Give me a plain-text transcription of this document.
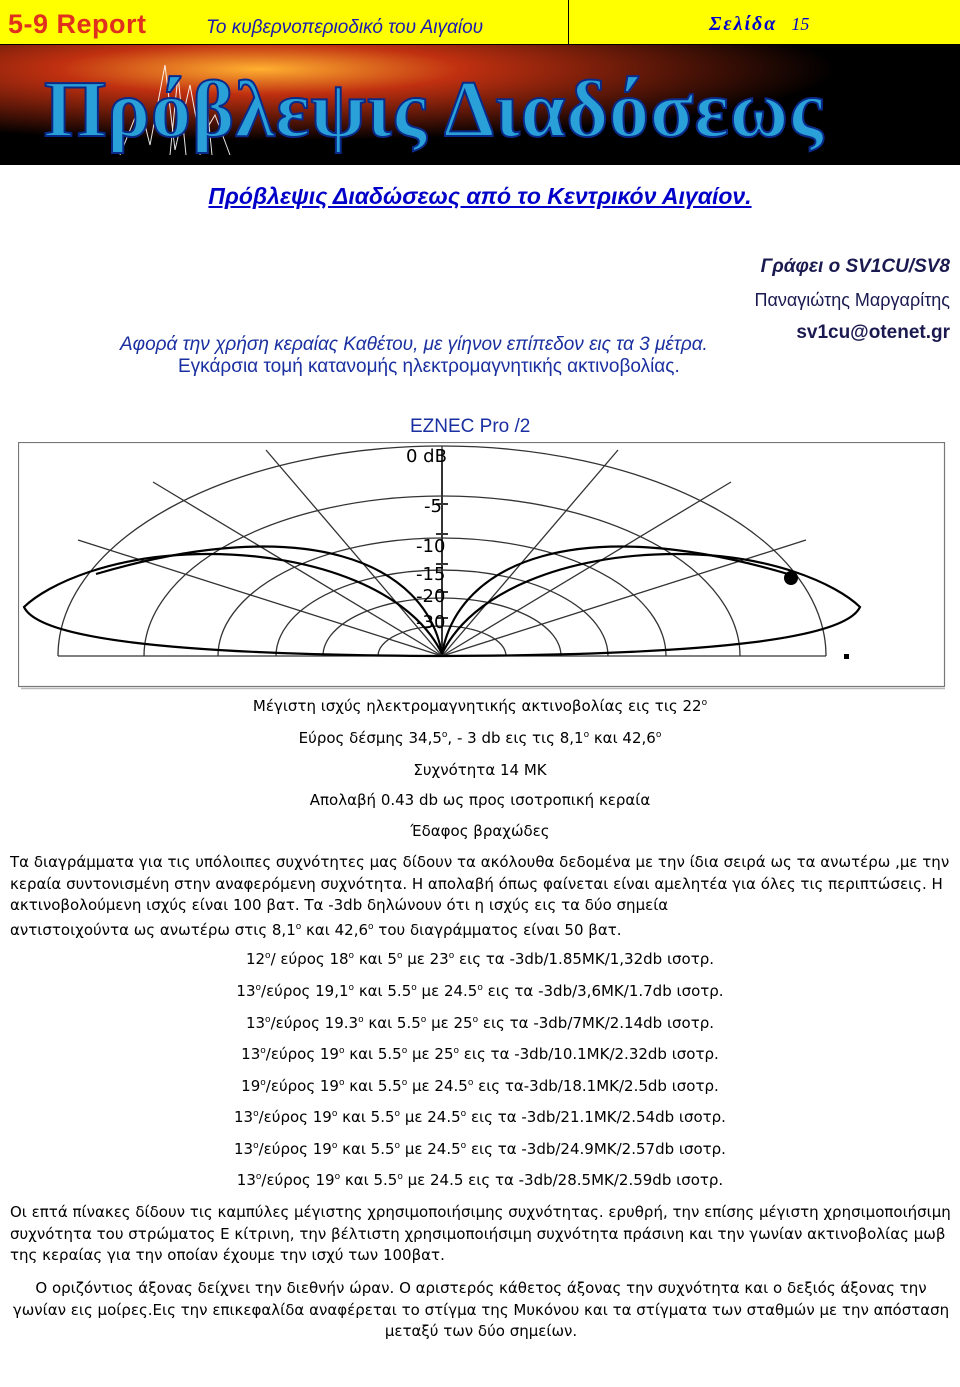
5-9 Report	Το κυβερνοπεριοδικό του Αιγαίου	Σελίδα 15
Πρόβλεψις Διαδόσεως
Πρόβλεψις Διαδώσεως από το Κεντρικόν Αιγαίον.
Γράφει ο SV1CU/SV8
Παναγιώτης Μαργαρίτης
sv1cu@otenet.gr
Αφορά την χρήση κεραίας Καθέτου, με γίηνον επίπεδον εις τα 3 μέτρα.
Εγκάρσια τομή κατανομής ηλεκτρομαγνητικής ακτινοβολίας.
EZNEC Pro /2
0 dB
-5
-10
-15
-20
-30
Μέγιστη ισχύς ηλεκτρομαγνητικής ακτινοβολίας εις τις $22^o$
Εύρος δέσμης $34,5^o$, - 3 db εις τις $8,1^o$ και $42,6^o$
Συχνότητα 14 ΜΚ
Απολαβή 0.43 db ως προς ισοτροπική κεραία
Έδαφος βραχώδες
Τα διαγράμματα για τις υπόλοιπες συχνότητες μας δίδουν τα ακόλουθα δεδομένα με την ίδια σειρά ως τα ανωτέρω ,με την κεραία συντονισμένη στην αναφερόμενη συχνότητα. Η απολαβή όπως φαίνεται είναι αμελητέα για όλες τις περιπτώσεις. Η ακτινοβολούμενη ισχύς είναι 100 βατ. Τα -3db δηλώνουν ότι η ισχύς εις τα δύο σημεία
αντιστοιχούντα ως ανωτέρω στις $8,1^o$ και $42,6^o$ του διαγράμματος είναι 50 βατ.
$12^o/$ εύρος $18^o$ και $5^o$ με $23^o$ εις τα -3db/1.85MK/1,32db ισοτρ.
$13^o$/εύρος $19,1^o$ και $5.5^o$ με $24.5^o$ εις τα -3db/3,6MK/1.7db ισοτρ.
$13^o$/εύρος $19.3^o$ και $5.5^o$ με $25^o$ εις τα -3db/7MK/2.14db ισοτρ.
$13^o$/εύρος $19^o$ και $5.5^o$ με $25^o$ εις τα -3db/10.1MK/2.32db ισοτρ.
$19^o$/εύρος $19^o$ και $5.5^o$ με $24.5^o$ εις τα-3db/18.1MK/2.5db ισοτρ.
$13^o$/εύρος $19^o$ και $5.5^o$ με $24.5^o$ εις τα -3db/21.1MK/2.54db ισοτρ.
$13^o$/εύρος $19^o$ και $5.5^o$ με $24.5^o$ εις τα -3db/24.9MK/2.57db ισοτρ.
$13^o$/εύρος $19^o$ και $5.5^o$ με 24.5 εις τα -3db/28.5MK/2.59db ισοτρ.
Οι επτά πίνακες δίδουν τις καμπύλες μέγιστης χρησιμοποιήσιμης συχνότητας. ερυθρή, την επίσης μέγιστη χρησιμοποιήσιμη συχνότητα του στρώματος Ε κίτρινη, την βέλτιστη χρησιμοποιήσιμη συχνότητα πράσινη και την γωνίαν ακτινοβολίας μωβ της κεραίας για την οποίαν έχουμε την ισχύ των 100βατ.
Ο οριζόντιος άξονας δείχνει την διεθνήν ώραν. Ο αριστερός κάθετος άξονας την συχνότητα και ο δεξιός άξονας την γωνίαν εις μοίρες.Εις την επικεφαλίδα αναφέρεται το στίγμα της Μυκόνου και τα στίγματα των σταθμών με την απόσταση μεταξύ των δύο σημείων.
